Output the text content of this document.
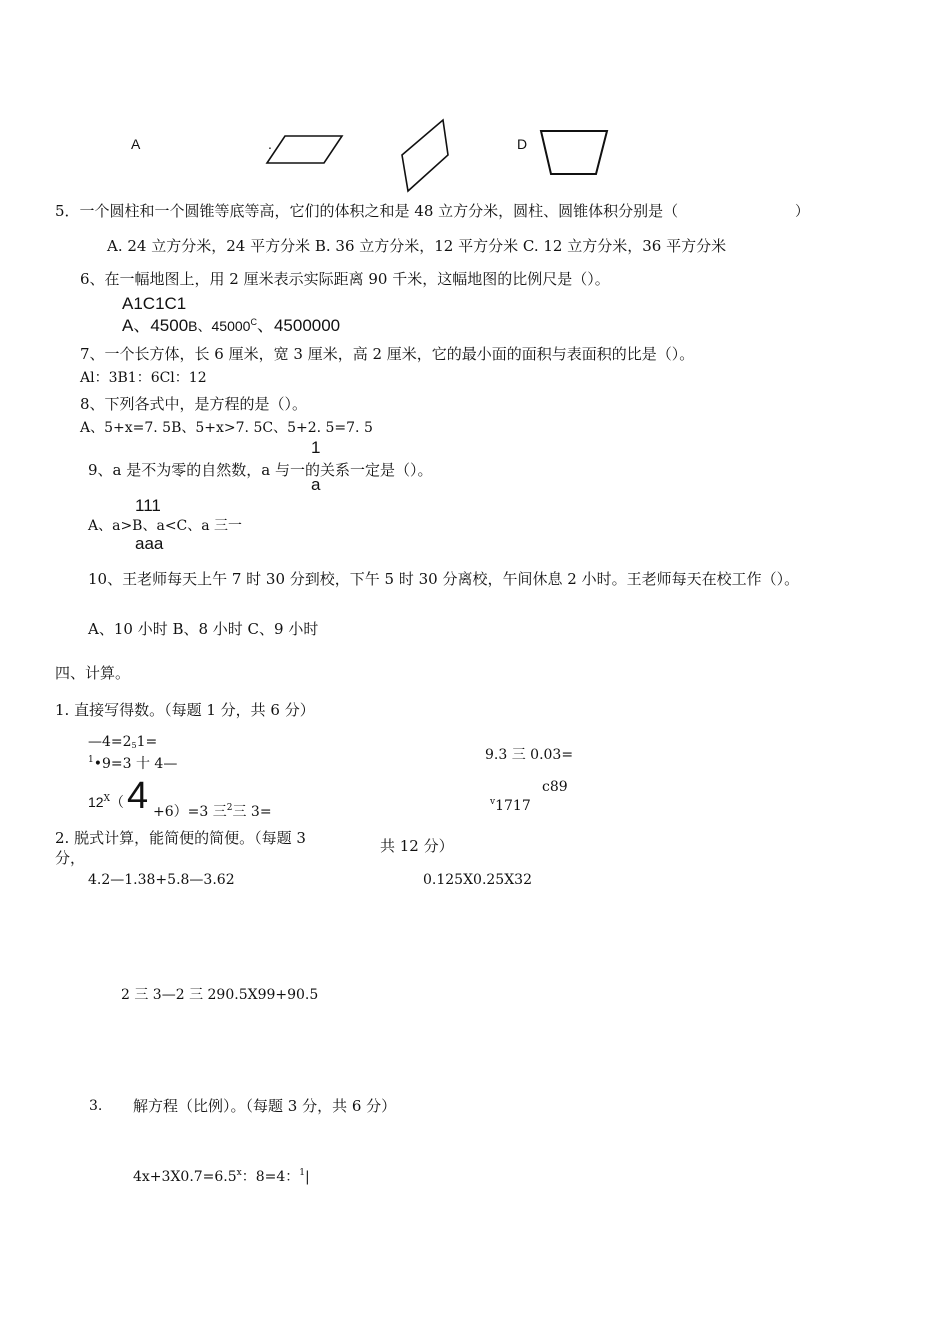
A	.	D
5．一个圆柱和一个圆锥等底等高，它们的体积之和是 48 立方分米，圆柱、圆锥体积分别是（	）
A. 24 立方分米，24 平方分米 B. 36 立方分米，12 平方分米 C. 12 立方分米，36 平方分米
6、在一幅地图上，用 2 厘米表示实际距离 90 千米，这幅地图的比例尺是（）。
A1C1C1
A、4500B、$45000^C$、4500000
7、一个长方体，长 6 厘米，宽 3 厘米，高 2 厘米，它的最小面的面积与表面积的比是（）。
Al：3B1：6Cl：12
8、下列各式中，是方程的是（）。
A、5+x=7. 5B、5+x>7. 5C、5+2. 5=7. 5
1
9、a 是不为零的自然数，a 与一的关系一定是（）。
a
111
A、a>B、a<C、a 三一
aaa
10、王老师每天上午 7 时 30 分到校，下午 5 时 30 分离校，午间休息 2 小时。王老师每天在校工作（）。
A、10 小时 B、8 小时 C、9 小时
四、计算。
1. 直接写得数。（每题 1 分，共 6 分）
—4=251=
$^1$•9=3 十 4—
9.3 三 0.03=
c89
$^v$1717
$12^X$（ 4 +6）=3 三$^2$三 3=
2. 脱式计算，能简便的简便。（每题 3
分，
共 12 分）
4.2—1.38+5.8—3.62	0.125X0.25X32
2 三 3—2 三 290.5X99+90.5
3. 解方程（比例）。（每题 3 分，共 6 分）
$4x+3X0.7=6.5^x$：8=4：$^1$|
